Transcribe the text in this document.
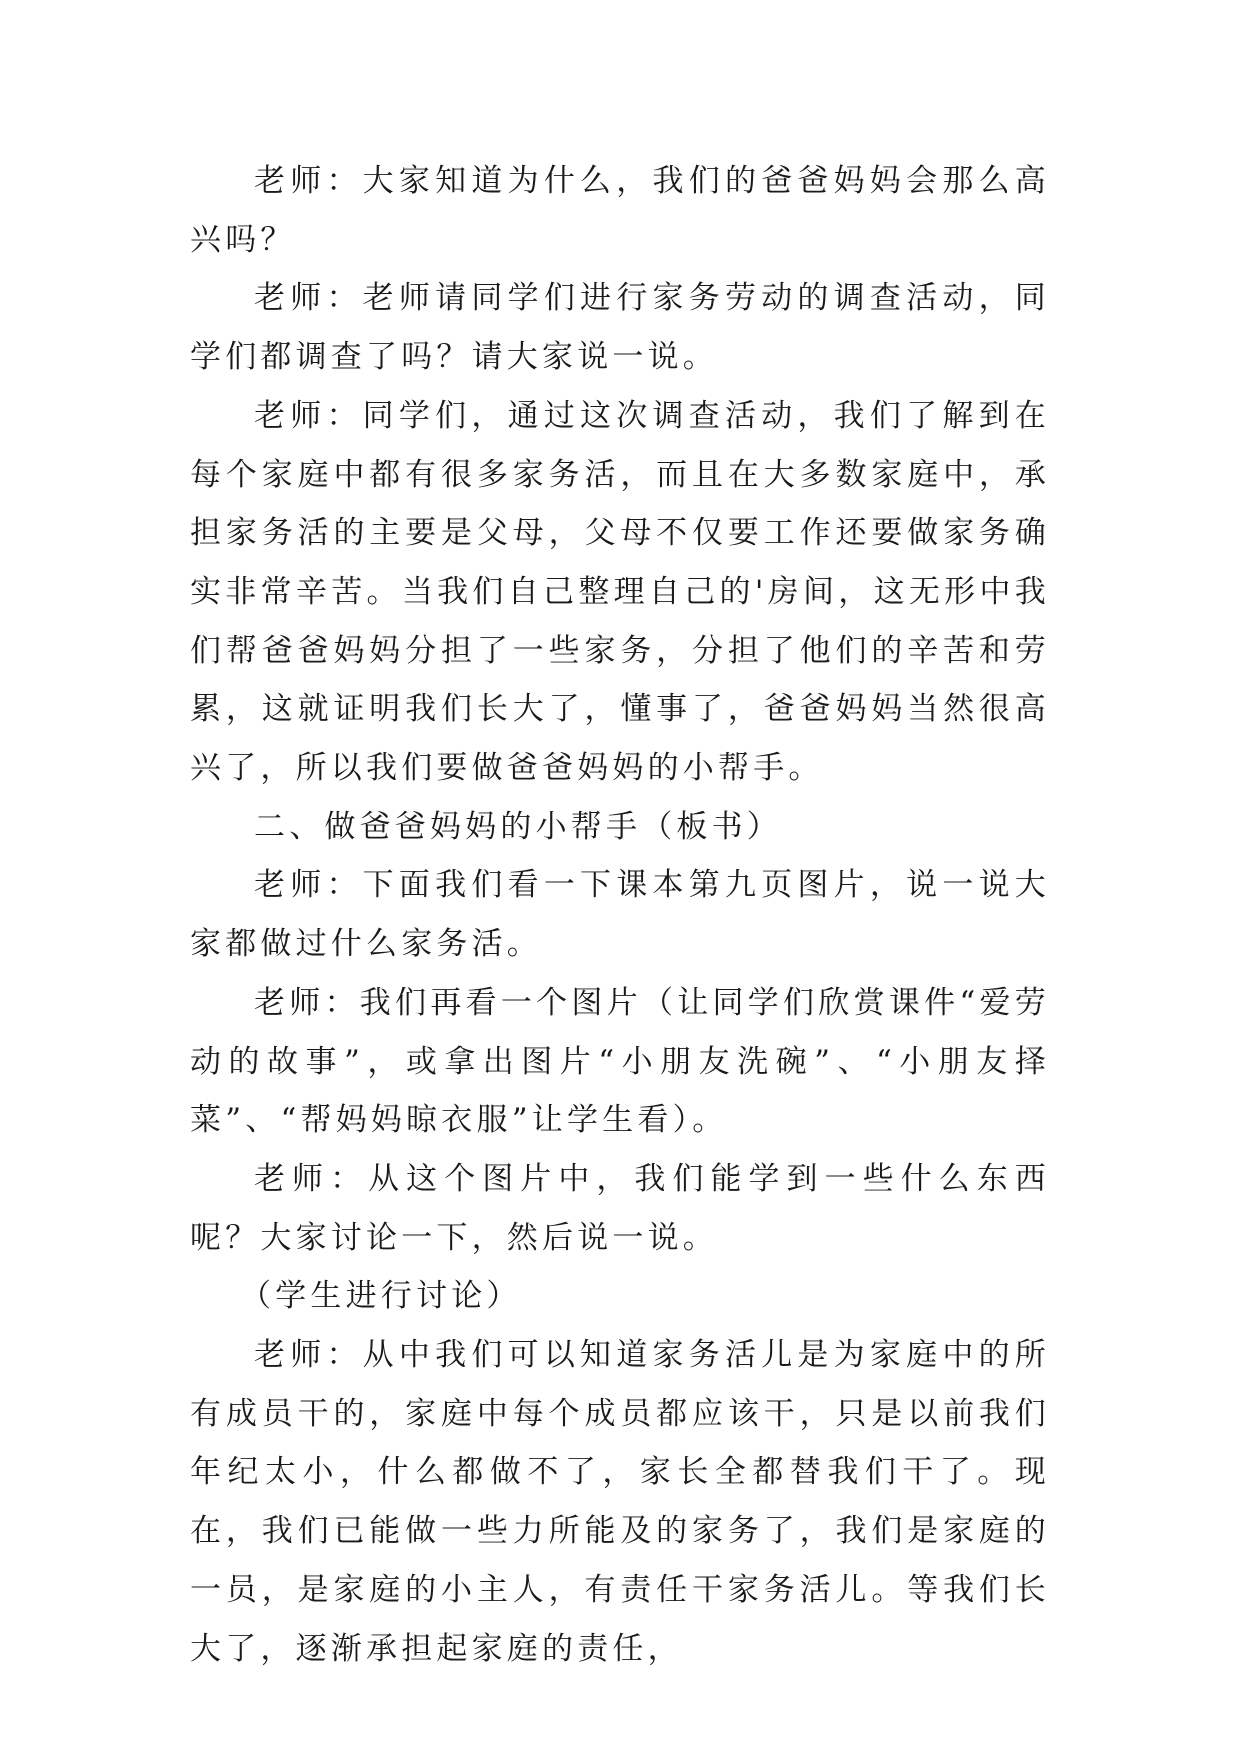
老师：大家知道为什么，我们的爸爸妈妈会那么高兴吗？

老师：老师请同学们进行家务劳动的调查活动，同学们都调查了吗？请大家说一说。

老师：同学们，通过这次调查活动，我们了解到在每个家庭中都有很多家务活，而且在大多数家庭中，承担家务活的主要是父母，父母不仅要工作还要做家务确实非常辛苦。当我们自己整理自己的'房间，这无形中我们帮爸爸妈妈分担了一些家务，分担了他们的辛苦和劳累，这就证明我们长大了，懂事了，爸爸妈妈当然很高兴了，所以我们要做爸爸妈妈的小帮手。

二、做爸爸妈妈的小帮手（板书）

老师：下面我们看一下课本第九页图片，说一说大家都做过什么家务活。

老师：我们再看一个图片（让同学们欣赏课件“爱劳动的故事”，或拿出图片“小朋友洗碗”、“小朋友择菜”、“帮妈妈晾衣服”让学生看）。

老师：从这个图片中，我们能学到一些什么东西呢？大家讨论一下，然后说一说。

（学生进行讨论）

老师：从中我们可以知道家务活儿是为家庭中的所有成员干的，家庭中每个成员都应该干，只是以前我们年纪太小，什么都做不了，家长全都替我们干了。现在，我们已能做一些力所能及的家务了，我们是家庭的一员，是家庭的小主人，有责任干家务活儿。等我们长大了，逐渐承担起家庭的责任，
